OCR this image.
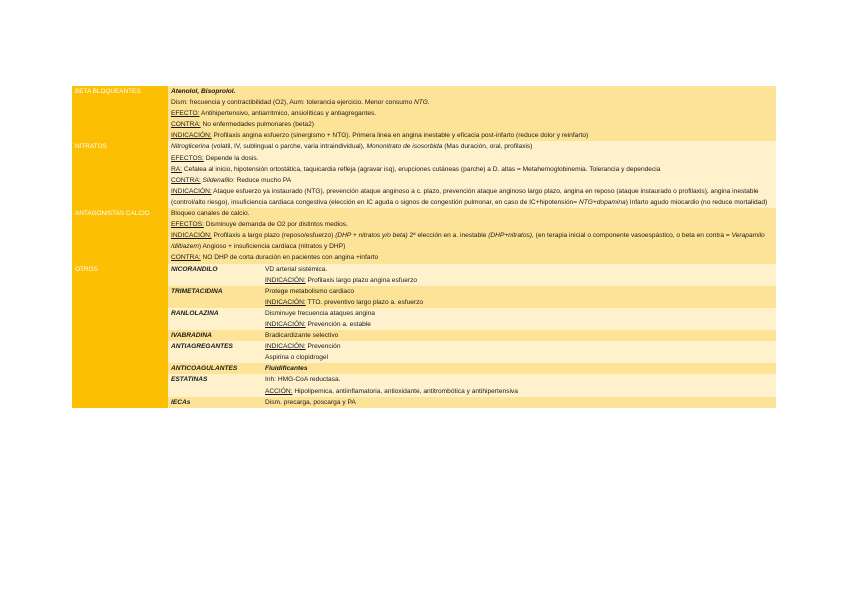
BETA BLOQUEANTES	Atenolol, Bisoprolol.
Dism: frecuencia y contractibilidad (O2), Aum: tolerancia ejercicio. Menor consumo NTG.
EFECTO: Antihipertensivo, antiarritmico, ansiolíticas y antiagregantes.
CONTRA: No enfermedades pulmonares (beta2)
INDICACIÓN: Profilaxis angina esfuerzo (sinergismo + NTG). Primera linea en angina inestable y eficacia post-infarto (reduce dolor y reinfarto)	

NITRATOS	Nitroglicerina (volatil, IV, sublingual o parche, varia intraindividual), Mononitrato de isosorbida (Mas duración, oral, profilaxis)
EFECTOS: Depende la dosis.
RA: Cefalea al inicio, hipotensión ortostática, taquicardia refleja (agravar isq), erupciones cutáneas (parche) a D. altas = Metahemoglobinemia. Tolerancia y dependecia
CONTRA: Sildenafilo: Reduce mucho PA
INDICACIÓN: Ataque esfuerzo ya instaurado (NTG), prevención ataque anginoso a c. plazo, prevención ataque anginoso largo plazo, angina en reposo (ataque instaurado o profilaxis), angina inestable (control/alto riesgo), insuficiencia cardiaca congestiva (elección en IC aguda o signos de congestión pulmonar, en caso de IC+hipotensión= NTG+dopamina) Infarto agudo miocardio (no reduce mortalidad)	

ANTAGONISTAS CALCIO	Bloqueo canales de calcio.
EFECTOS: Disminuye demanda de O2 por distintos medios.
INDICACIÓN: Profilaxis a largo plazo (reposo/esfuerzo) (DHP + nitratos y/o beta) 2ª elección en a. inestable (DHP+nitratos), (en terapia inicial o componente vasoespástico, o beta en contra = Verapamilo /diltiazem) Angioso + insuficiencia cardiaca (nitratos y DHP)
CONTRA: NO DHP de corta duración en pacientes con angina +infarto	

OTROS	NICORANDILO	VD arterial sistémica.
INDICACIÓN: Profilaxis largo plazo angina esfuerzo

	TRIMETACIDINA	Protege metabolismo cardiaco
INDICACIÓN: TTO. preventivo largo plazo a. esfuerzo

	RANLOLAZINA	Disminuye frecuencia ataques angina
INDICACIÓN: Prevención a. estable

	IVABRADINA	Bradicardizante selectivo
	ANTIAGREGANTES	INDICACIÓN: Prevención
Aspirina o clopidrogel

	ANTICOAGULANTES	Fluidificantes
	ESTATINAS	Inh: HMG-CoA reductasa.
ACCIÓN: Hipolipemica, antiinflamatoria, antioxidante, antitrombótica y antihipertensiva

	IECAs	Dism. precarga, poscarga y PA
